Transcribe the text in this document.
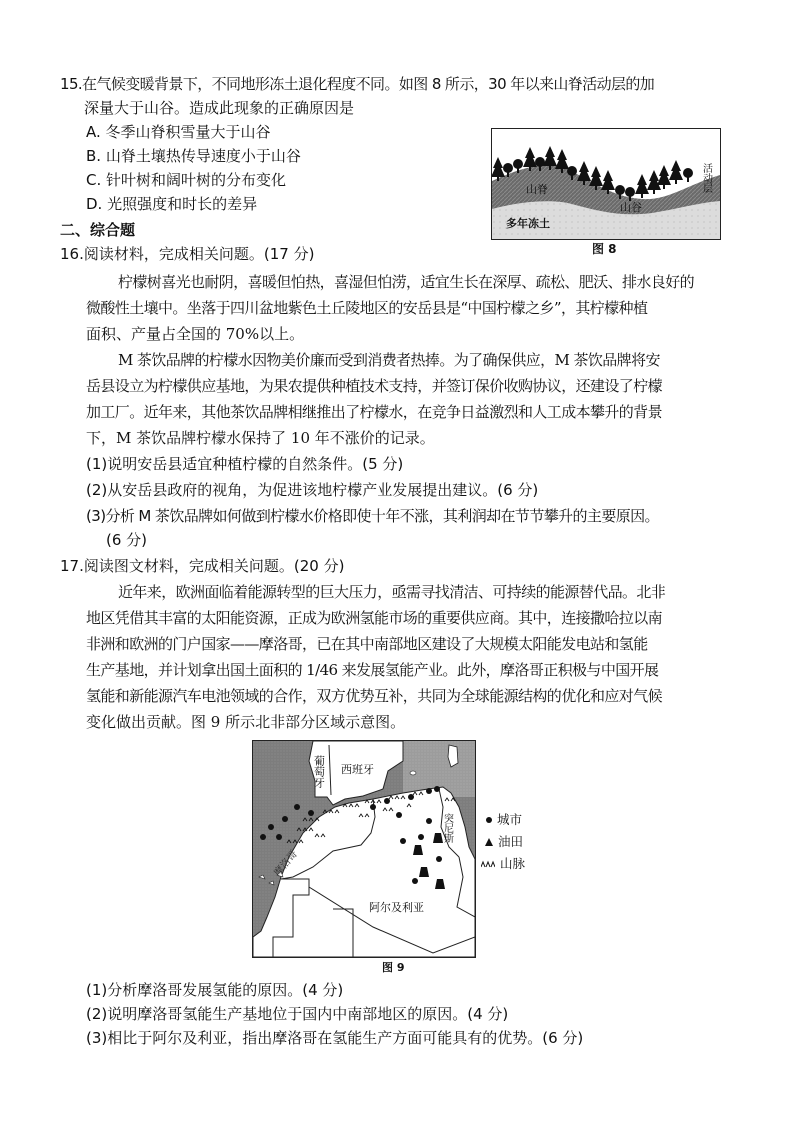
15.在气候变暖背景下，不同地形冻土退化程度不同。如图 8 所示，30 年以来山脊活动层的加
深量大于山谷。造成此现象的正确原因是
A. 冬季山脊积雪量大于山谷
B. 山脊土壤热传导速度小于山谷
C. 针叶树和阔叶树的分布变化
D. 光照强度和时长的差异
山脊
多年冻土
山谷
活动层
图 8
二、综合题
16.阅读材料，完成相关问题。(17 分)
柠檬树喜光也耐阴，喜暖但怕热，喜湿但怕涝，适宜生长在深厚、疏松、肥沃、排水良好的
微酸性土壤中。坐落于四川盆地紫色土丘陵地区的安岳县是“中国柠檬之乡”，其柠檬种植
面积、产量占全国的 70%以上。
M 茶饮品牌的柠檬水因物美价廉而受到消费者热捧。为了确保供应，M 茶饮品牌将安
岳县设立为柠檬供应基地，为果农提供种植技术支持，并签订保价收购协议，还建设了柠檬
加工厂。近年来，其他茶饮品牌相继推出了柠檬水，在竞争日益激烈和人工成本攀升的背景
下，M 茶饮品牌柠檬水保持了 10 年不涨价的记录。
(1)说明安岳县适宜种植柠檬的自然条件。(5 分)
(2)从安岳县政府的视角，为促进该地柠檬产业发展提出建议。(6 分)
(3)分析 M 茶饮品牌如何做到柠檬水价格即使十年不涨，其利润却在节节攀升的主要原因。
(6 分)
17.阅读图文材料，完成相关问题。(20 分)
近年来，欧洲面临着能源转型的巨大压力，亟需寻找清洁、可持续的能源替代品。北非
地区凭借其丰富的太阳能资源，正成为欧洲氢能市场的重要供应商。其中，连接撒哈拉以南
非洲和欧洲的门户国家——摩洛哥，已在其中南部地区建设了大规模太阳能发电站和氢能
生产基地，并计划拿出国土面积的 1/46 来发展氢能产业。此外，摩洛哥正积极与中国开展
氢能和新能源汽车电池领域的合作，双方优势互补，共同为全球能源结构的优化和应对气候
变化做出贡献。图 9 所示北非部分区域示意图。
葡萄牙 西班牙
突尼斯
摩洛哥
阿尔及利亚
城市
油田
山脉
图 9
(1)分析摩洛哥发展氢能的原因。(4 分)
(2)说明摩洛哥氢能生产基地位于国内中南部地区的原因。(4 分)
(3)相比于阿尔及利亚，指出摩洛哥在氢能生产方面可能具有的优势。(6 分)
